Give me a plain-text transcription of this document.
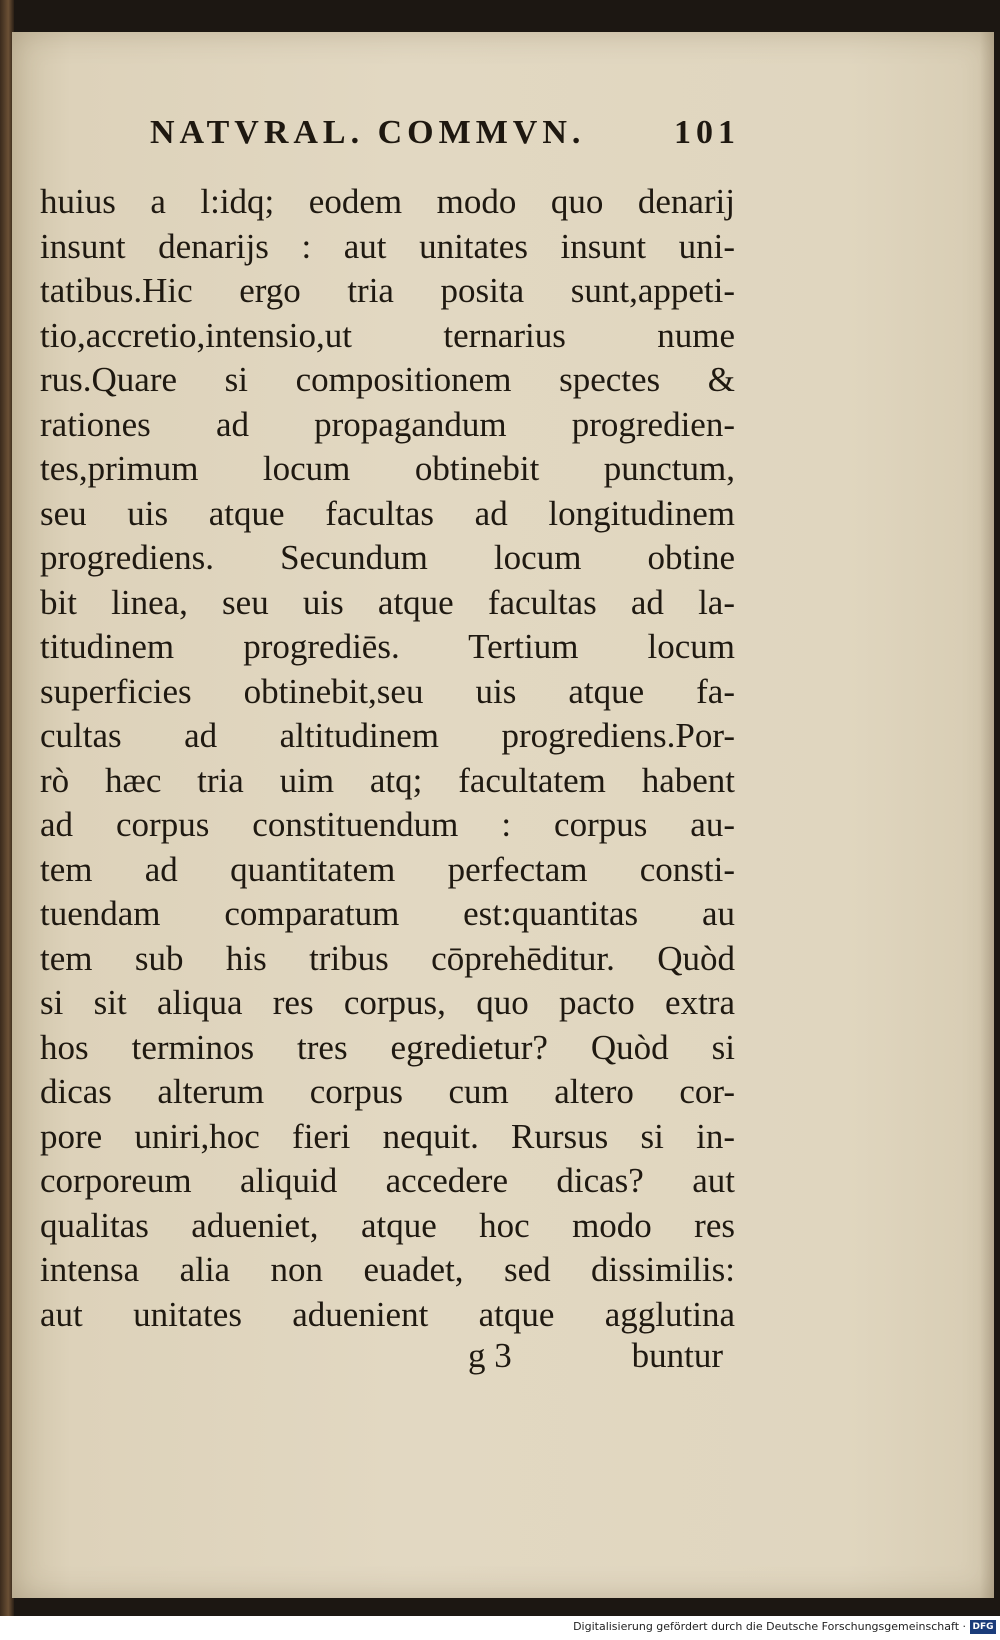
NATVRAL. COMMVN.	101
huius a l:idq; eodem modo quo denarij
insunt denarijs : aut unitates insunt uni-
tatibus.Hic ergo tria posita sunt,appeti-
tio,accretio,intensio,ut ternarius nume
rus.Quare si compositionem spectes &
rationes ad propagandum progredien-
tes,primum locum obtinebit punctum,
seu uis atque facultas ad longitudinem
progrediens. Secundum locum obtine
bit linea, seu uis atque facultas ad la-
titudinem progrediēs. Tertium locum
superficies obtinebit,seu uis atque fa-
cultas ad altitudinem progrediens.Por-
rò hæc tria uim atq; facultatem habent
ad corpus constituendum : corpus au-
tem ad quantitatem perfectam consti-
tuendam comparatum est:quantitas au
tem sub his tribus cōprehēditur. Quòd
si sit aliqua res corpus, quo pacto extra
hos terminos tres egredietur? Quòd si
dicas alterum corpus cum altero cor-
pore uniri,hoc fieri nequit. Rursus si in-
corporeum aliquid accedere dicas? aut
qualitas adueniet, atque hoc modo res
intensa alia non euadet, sed dissimilis:
aut unitates aduenient atque agglutina
g 3	buntur
Digitalisierung gefördert durch die Deutsche Forschungsgemeinschaft · DFG
